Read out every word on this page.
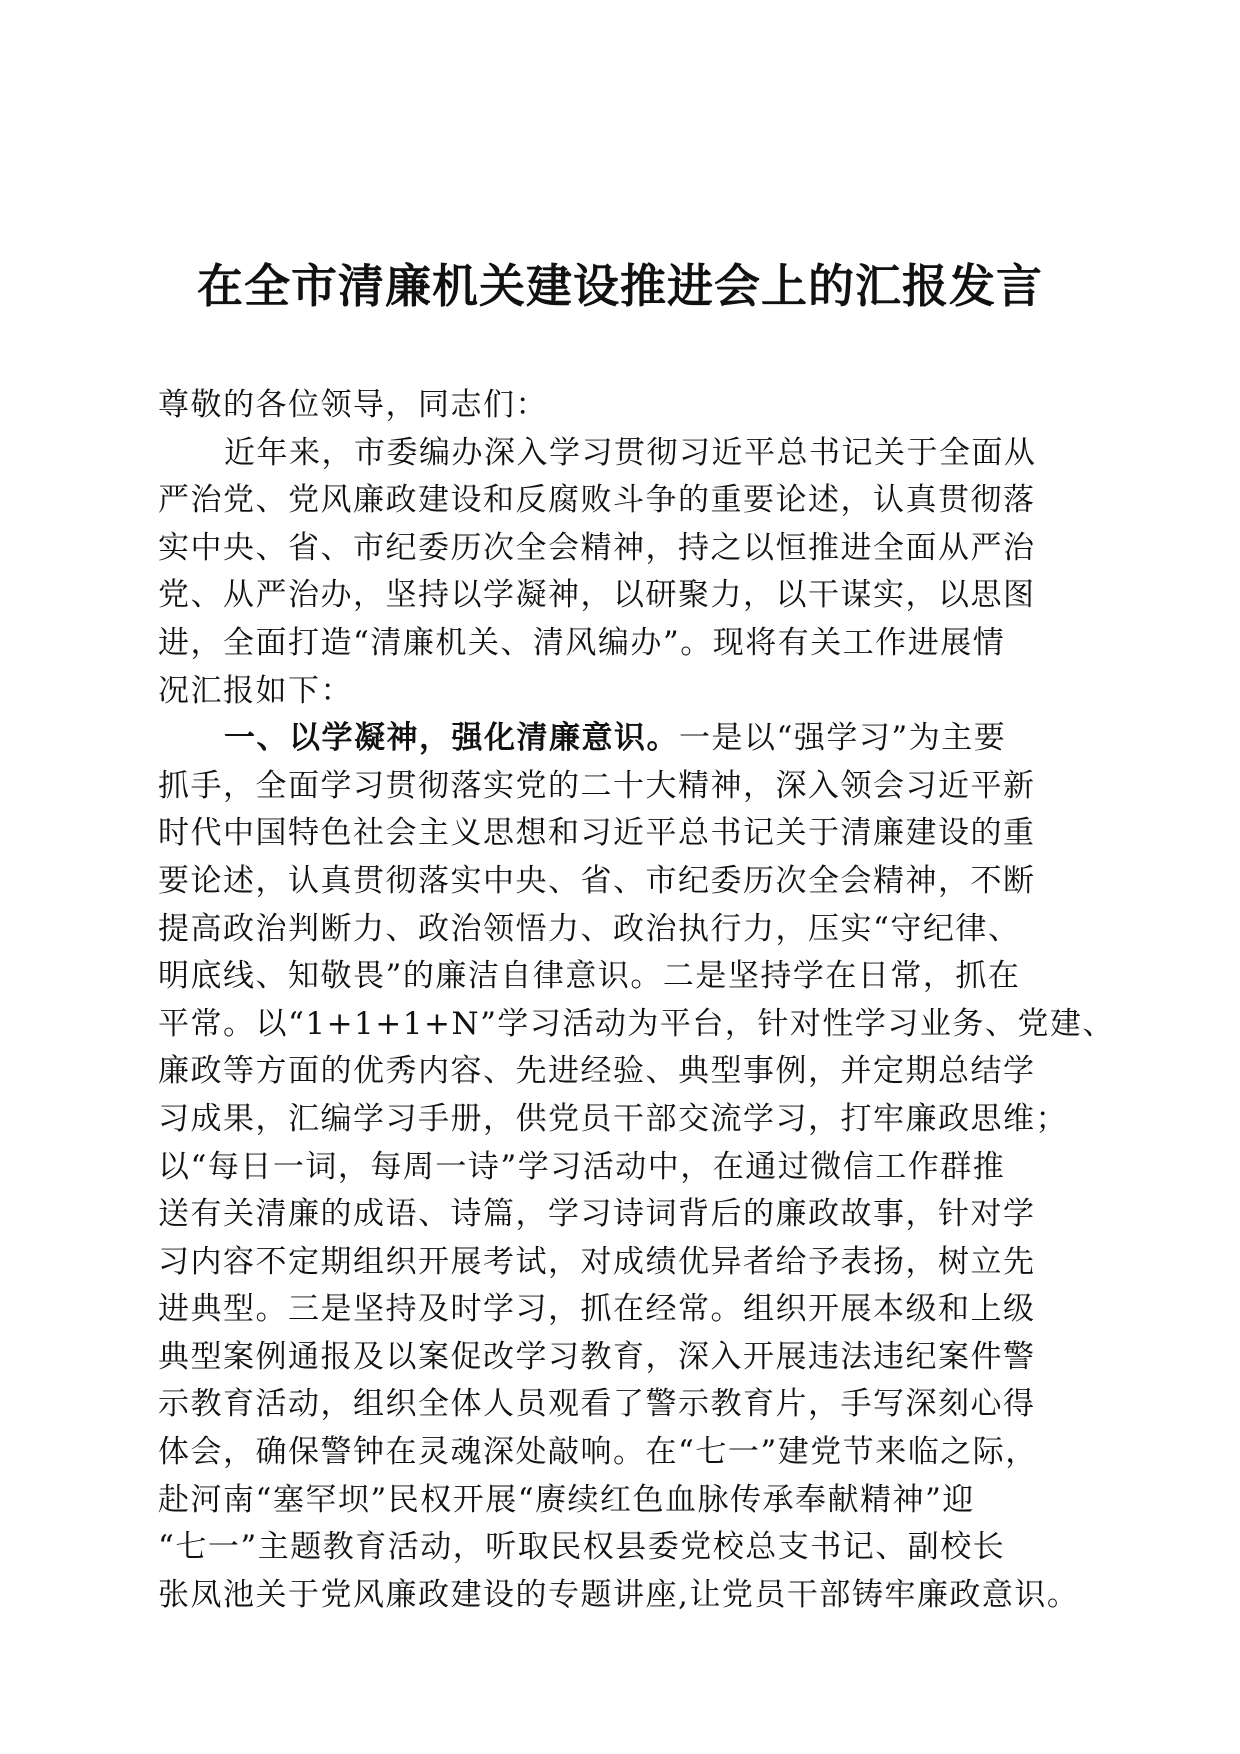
在全市清廉机关建设推进会上的汇报发言
尊敬的各位领导，同志们：
近年来，市委编办深入学习贯彻习近平总书记关于全面从
严治党、党风廉政建设和反腐败斗争的重要论述，认真贯彻落
实中央、省、市纪委历次全会精神，持之以恒推进全面从严治
党、从严治办，坚持以学凝神，以研聚力，以干谋实，以思图
进，全面打造“清廉机关、清风编办”。现将有关工作进展情
况汇报如下：
一、以学凝神，强化清廉意识。一是以“强学习”为主要
抓手，全面学习贯彻落实党的二十大精神，深入领会习近平新
时代中国特色社会主义思想和习近平总书记关于清廉建设的重
要论述，认真贯彻落实中央、省、市纪委历次全会精神，不断
提高政治判断力、政治领悟力、政治执行力，压实“守纪律、
明底线、知敬畏”的廉洁自律意识。二是坚持学在日常，抓在
平常。以“1+1+1+N”学习活动为平台，针对性学习业务、党建、
廉政等方面的优秀内容、先进经验、典型事例，并定期总结学
习成果，汇编学习手册，供党员干部交流学习，打牢廉政思维；
以“每日一词，每周一诗”学习活动中，在通过微信工作群推
送有关清廉的成语、诗篇，学习诗词背后的廉政故事，针对学
习内容不定期组织开展考试，对成绩优异者给予表扬，树立先
进典型。三是坚持及时学习，抓在经常。组织开展本级和上级
典型案例通报及以案促改学习教育，深入开展违法违纪案件警
示教育活动，组织全体人员观看了警示教育片，手写深刻心得
体会，确保警钟在灵魂深处敲响。在“七一”建党节来临之际，
赴河南“塞罕坝”民权开展“赓续红色血脉传承奉献精神”迎
“七一”主题教育活动，听取民权县委党校总支书记、副校长
张凤池关于党风廉政建设的专题讲座,让党员干部铸牢廉政意识。
